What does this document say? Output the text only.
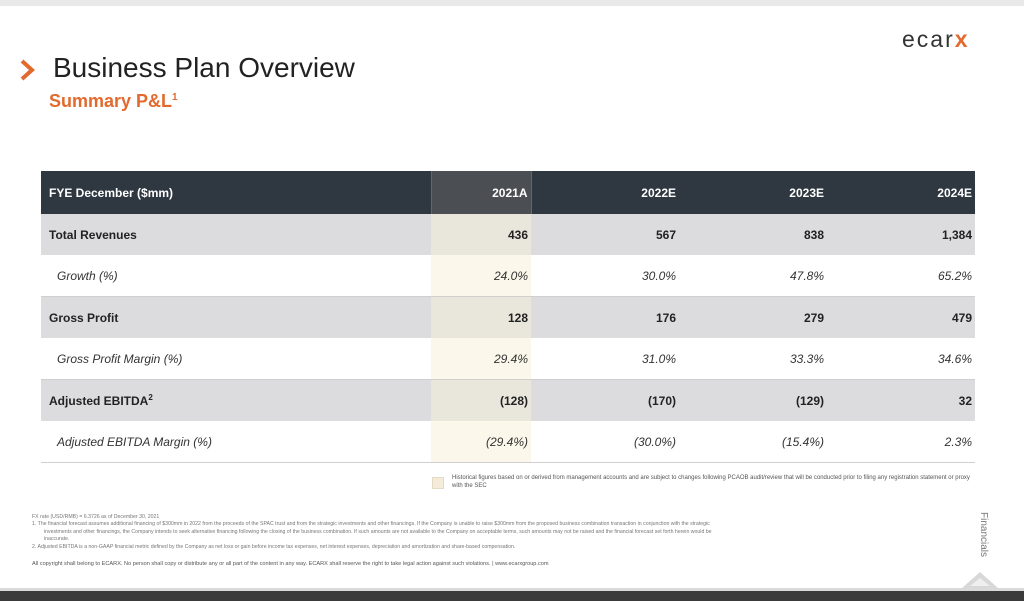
ecarx
Business Plan Overview
Summary $P\&L^1$
FYE December ($mm)	2021A	2022E	2023E	2024E
Total Revenues	436	567	838	1,384
Growth (%)	24.0%	30.0%	47.8%	65.2%
Gross Profit	128	176	279	479
Gross Profit Margin (%)	29.4%	31.0%	33.3%	34.6%
Adjusted EBITDA$^2$	(128)	(170)	(129)	32
Adjusted EBITDA Margin (%)	(29.4%)	(30.0%)	(15.4%)	2.3%
Historical figures based on or derived from management accounts and are subject to changes following PCAOB audit/review that will be conducted prior to filing any registration statement or proxy with the SEC
FX rate (USD/RMB) = 6.3726 as of December 30, 2021
1. The financial forecast assumes additional financing of $300mm in 2022 from the proceeds of the SPAC trust and from the strategic investments and other financings. If the Company is unable to raise $300mm from the proposed business combination transaction in conjunction with the strategic
investments and other financings, the Company intends to seek alternative financing following the closing of the business combination. If such amounts are not available to the Company on acceptable terms, such amounts may not be raised and the financial forecast set forth herein would be
inaccurate.
2. Adjusted EBITDA is a non-GAAP financial metric defined by the Company as net loss or gain before income tax expenses, net interest expenses, depreciation and amortization and share-based compensation.
All copyright shall belong to ECARX. No person shall copy or distribute any or all part of the content in any way. ECARX shall reserve the right to take legal action against such violations. | www.ecarxgroup.com
Financials
